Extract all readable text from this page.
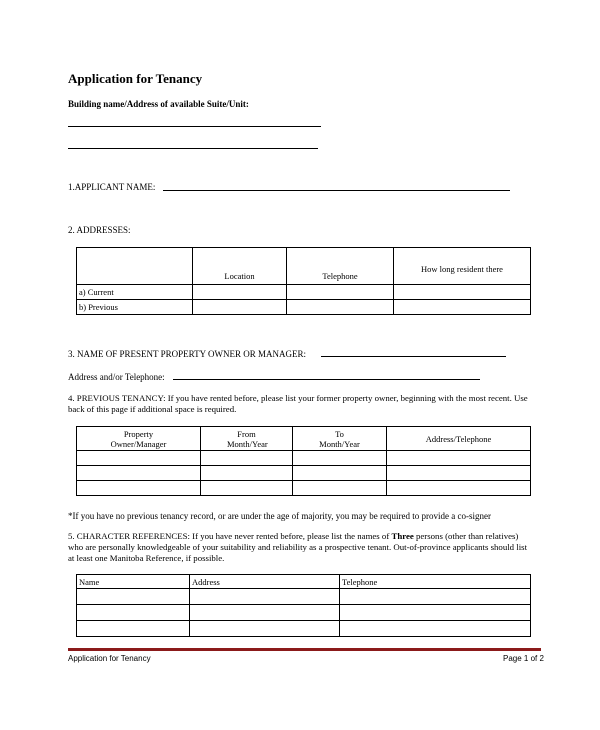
Application for Tenancy
Building name/Address of available Suite/Unit:
1.APPLICANT NAME:
2. ADDRESSES:
	Location	Telephone	How long resident there
a) Current			
b) Previous			
3. NAME OF PRESENT PROPERTY OWNER OR MANAGER:
Address and/or Telephone:
4. PREVIOUS TENANCY: If you have rented before, please list your former property owner, beginning with the most recent. Use back of this page if additional space is required.
Property Owner/Manager	From Month/Year	To Month/Year	Address/Telephone

*If you have no previous tenancy record, or are under the age of majority, you may be required to provide a co-signer
5. CHARACTER REFERENCES: If you have never rented before, please list the names of Three persons (other than relatives) who are personally knowledgeable of your suitability and reliability as a prospective tenant. Out-of-province applicants should list at least one Manitoba Reference, if possible.
Name	Address	Telephone

Application for Tenancy	Page 1 of 2
